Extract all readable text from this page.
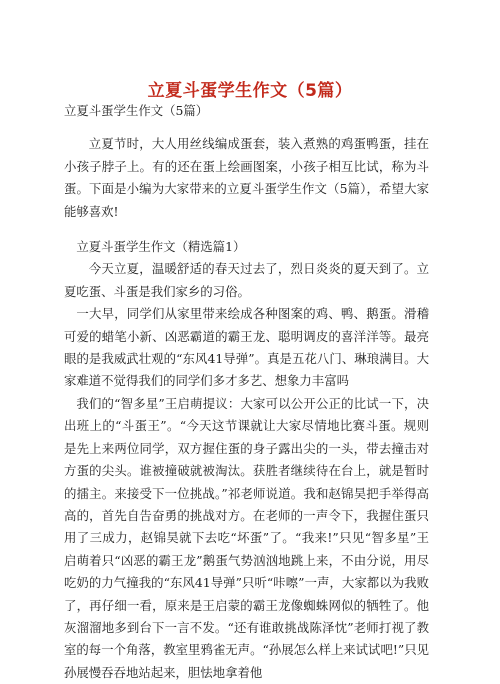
立夏斗蛋学生作文（5篇）

立夏斗蛋学生作文（5篇）

立夏节时，大人用丝线编成蛋套，装入煮熟的鸡蛋鸭蛋，挂在小孩子脖子上。有的还在蛋上绘画图案，小孩子相互比试，称为斗蛋。下面是小编为大家带来的立夏斗蛋学生作文（5篇），希望大家能够喜欢!

立夏斗蛋学生作文（精选篇1）

今天立夏，温暖舒适的春天过去了，烈日炎炎的夏天到了。立夏吃蛋、斗蛋是我们家乡的习俗。

一大早，同学们从家里带来绘成各种图案的鸡、鸭、鹅蛋。滑稽可爱的蜡笔小新、凶恶霸道的霸王龙、聪明调皮的喜洋洋等。最亮眼的是我威武壮观的“东风41导弹”。真是五花八门、琳琅满目。大家难道不觉得我们的同学们多才多艺、想象力丰富吗

我们的“智多星”王启萌提议：大家可以公开公正的比试一下，决出班上的“斗蛋王”。“今天这节课就让大家尽情地比赛斗蛋。规则是先上来两位同学，双方握住蛋的身子露出尖的一头，带去撞击对方蛋的尖头。谁被撞破就被淘汰。获胜者继续待在台上，就是暂时的擂主。来接受下一位挑战。”祁老师说道。我和赵锦昊把手举得高高的，首先自告奋勇的挑战对方。在老师的一声令下，我握住蛋只用了三成力，赵锦昊就下去吃“坏蛋”了。“我来!”只见“智多星”王启萌着只“凶恶的霸王龙”鹅蛋气势汹汹地跳上来，不由分说，用尽吃奶的力气撞我的“东风41导弹”只听“咔嚓”一声，大家都以为我败了，再仔细一看，原来是王启蒙的霸王龙像蜘蛛网似的牺牲了。他灰溜溜地多到台下一言不发。“还有谁敢挑战陈泽忱”老师打视了教室的每一个角落，教室里鸦雀无声。“孙展怎么样上来试试吧!”只见孙展慢吞吞地站起来，胆怯地拿着他
